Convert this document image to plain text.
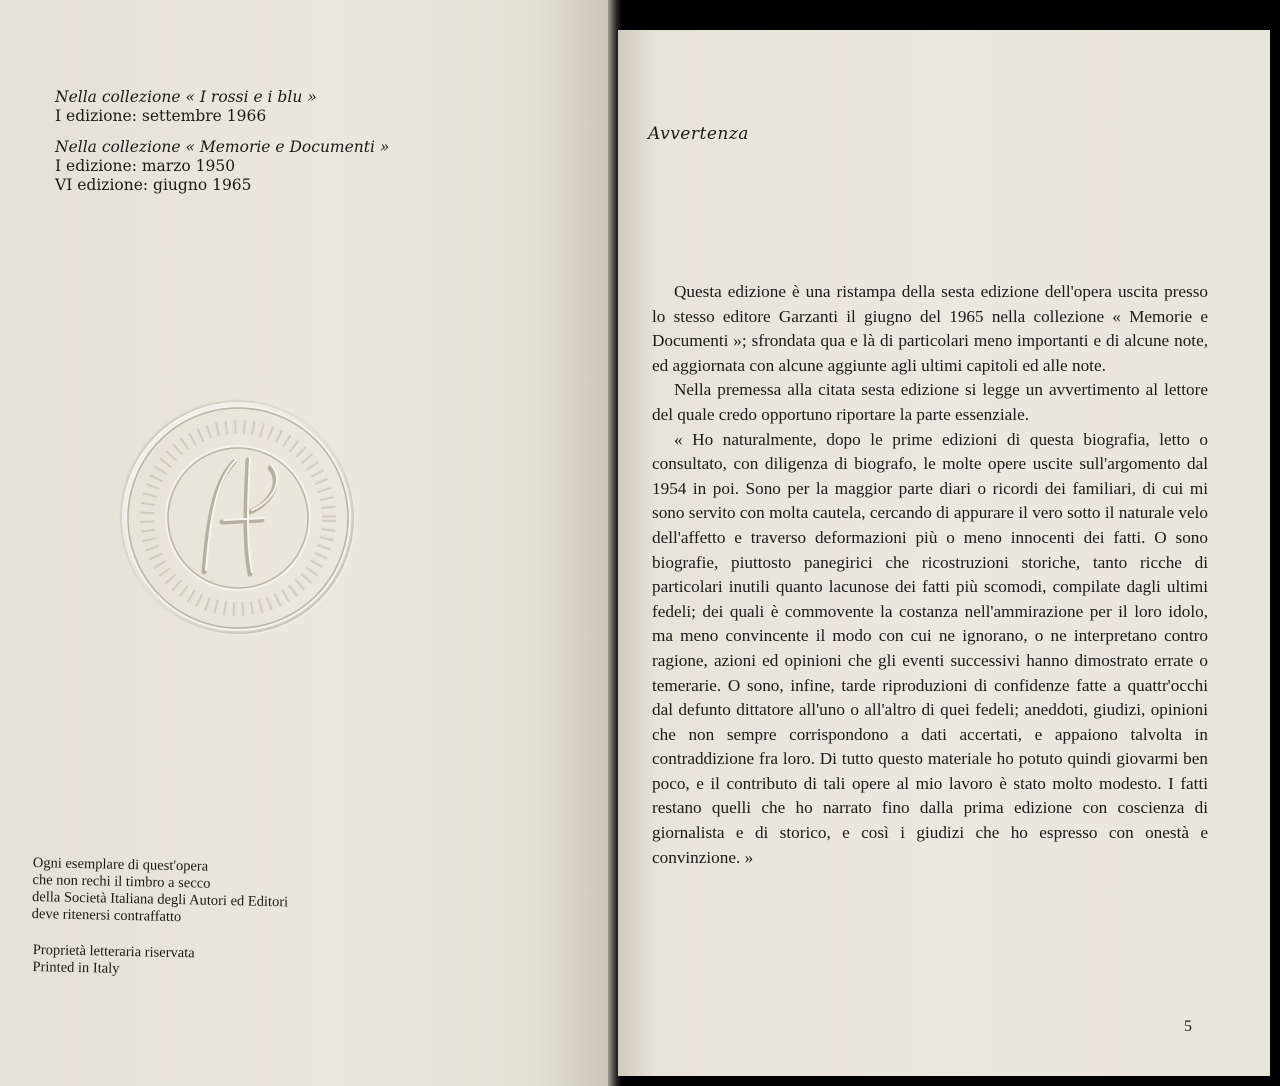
Nella collezione « I rossi e i blu »
I edizione: settembre 1966
Nella collezione « Memorie e Documenti »
I edizione: marzo 1950
VI edizione: giugno 1965
Ogni esemplare di quest'opera
che non rechi il timbro a secco
della Società Italiana degli Autori ed Editori
deve ritenersi contraffatto
Proprietà letteraria riservata
Printed in Italy
Avvertenza

Questa edizione è una ristampa della sesta edizione dell'opera uscita presso lo stesso editore Garzanti il giugno del 1965 nella collezione « Memorie e Documenti »; sfrondata qua e là di particolari meno importanti e di alcune note, ed aggiornata con alcune aggiunte agli ultimi capitoli ed alle note.

Nella premessa alla citata sesta edizione si legge un avvertimento al lettore del quale credo opportuno riportare la parte essenziale.

« Ho naturalmente, dopo le prime edizioni di questa biografia, letto o consultato, con diligenza di biografo, le molte opere uscite sull'argomento dal 1954 in poi. Sono per la maggior parte diari o ricordi dei familiari, di cui mi sono servito con molta cautela, cercando di appurare il vero sotto il naturale velo dell'affetto e traverso deformazioni più o meno innocenti dei fatti. O sono biografie, piuttosto panegirici che ricostruzioni storiche, tanto ricche di particolari inutili quanto lacunose dei fatti più scomodi, compilate dagli ultimi fedeli; dei quali è commovente la costanza nell'ammirazione per il loro idolo, ma meno convincente il modo con cui ne ignorano, o ne interpretano contro ragione, azioni ed opinioni che gli eventi successivi hanno dimostrato errate o temerarie. O sono, infine, tarde riproduzioni di confidenze fatte a quattr'occhi dal defunto dittatore all'uno o all'altro di quei fedeli; aneddoti, giudizi, opinioni che non sempre corrispondono a dati accertati, e appaiono talvolta in contraddizione fra loro. Di tutto questo materiale ho potuto quindi giovarmi ben poco, e il contributo di tali opere al mio lavoro è stato molto modesto. I fatti restano quelli che ho narrato fino dalla prima edizione con coscienza di giornalista e di storico, e così i giudizi che ho espresso con onestà e convinzione. »

5
